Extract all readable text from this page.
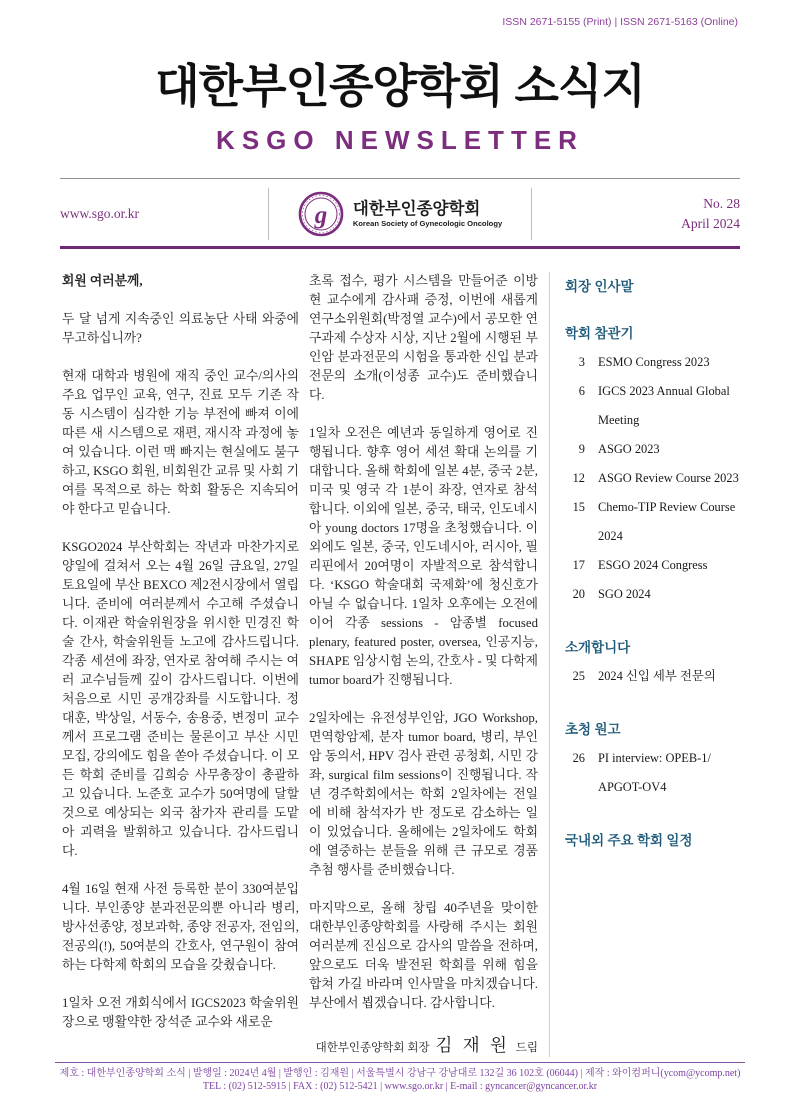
ISSN 2671-5155 (Print) | ISSN 2671-5163 (Online)
대한부인종양학회 소식지
KSGO NEWSLETTER
www.sgo.or.kr	g 대한부인종양학회
Korean Society of Gynecologic Oncology
No. 28
April 2024

회원 여러분께,

두 달 넘게 지속중인 의료농단 사태 와중에 무고하십니까?

현재 대학과 병원에 재직 중인 교수/의사의 주요 업무인 교육, 연구, 진료 모두 기존 작동 시스템이 심각한 기능 부전에 빠져 이에 따른 새 시스템으로 재편, 재시작 과정에 놓여 있습니다. 이런 맥 빠지는 현실에도 불구하고, KSGO 회원, 비회원간 교류 및 사회 기여를 목적으로 하는 학회 활동은 지속되어야 한다고 믿습니다.

KSGO2024 부산학회는 작년과 마찬가지로 양일에 걸쳐서 오는 4월 26일 금요일, 27일 토요일에 부산 BEXCO 제2전시장에서 열립니다. 준비에 여러분께서 수고해 주셨습니다. 이재관 학술위원장을 위시한 민경진 학술 간사, 학술위원들 노고에 감사드립니다. 각종 세션에 좌장, 연자로 참여해 주시는 여러 교수님들께 깊이 감사드립니다. 이번에 처음으로 시민 공개강좌를 시도합니다. 정대훈, 박상일, 서동수, 송용중, 변정미 교수께서 프로그램 준비는 물론이고 부산 시민 모집, 강의에도 힘을 쏟아 주셨습니다. 이 모든 학회 준비를 김희승 사무총장이 총괄하고 있습니다. 노준호 교수가 50여명에 달할 것으로 예상되는 외국 참가자 관리를 도맡아 괴력을 발휘하고 있습니다. 감사드립니다.

4월 16일 현재 사전 등록한 분이 330여분입니다. 부인종양 분과전문의뿐 아니라 병리, 방사선종양, 정보과학, 종양 전공자, 전임의, 전공의(!), 50여분의 간호사, 연구원이 참여하는 다학제 학회의 모습을 갖췄습니다.

1일차 오전 개회식에서 IGCS2023 학술위원장으로 맹활약한 장석준 교수와 새로운

초록 접수, 평가 시스템을 만들어준 이방현 교수에게 감사패 증정, 이번에 새롭게 연구소위원회(박정열 교수)에서 공모한 연구과제 수상자 시상, 지난 2월에 시행된 부인암 분과전문의 시험을 통과한 신입 분과전문의 소개(이성종 교수)도 준비했습니다.

1일차 오전은 예년과 동일하게 영어로 진행됩니다. 향후 영어 세션 확대 논의를 기대합니다. 올해 학회에 일본 4분, 중국 2분, 미국 및 영국 각 1분이 좌장, 연자로 참석합니다. 이외에 일본, 중국, 태국, 인도네시아 young doctors 17명을 초청했습니다. 이외에도 일본, 중국, 인도네시아, 러시아, 필리핀에서 20여명이 자발적으로 참석합니다. ‘KSGO 학술대회 국제화’에 청신호가 아닐 수 없습니다. 1일차 오후에는 오전에 이어 각종 sessions - 암종별 focused plenary, featured poster, oversea, 인공지능, SHAPE 임상시험 논의, 간호사 - 및 다학제 tumor board가 진행됩니다.

2일차에는 유전성부인암, JGO Workshop, 면역항암제, 분자 tumor board, 병리, 부인암 동의서, HPV 검사 관련 공청회, 시민 강좌, surgical film sessions이 진행됩니다. 작년 경주학회에서는 학회 2일차에는 전일에 비해 참석자가 반 정도로 감소하는 일이 있었습니다. 올해에는 2일차에도 학회에 열중하는 분들을 위해 큰 규모로 경품 추첨 행사를 준비했습니다.

마지막으로, 올해 창립 40주년을 맞이한 대한부인종양학회를 사랑해 주시는 회원 여러분께 진심으로 감사의 말씀을 전하며, 앞으로도 더욱 발전된 학회를 위해 힘을 합쳐 가길 바라며 인사말을 마치겠습니다. 부산에서 뵙겠습니다. 감사합니다.

대한부인종양학회 회장 김 재 원 드림
회장 인사말
학회 참관기
3 ESMO Congress 2023
6 IGCS 2023 Annual Global Meeting
9 ASGO 2023
12 ASGO Review Course 2023
15 Chemo-TIP Review Course 2024
17 ESGO 2024 Congress
20 SGO 2024
소개합니다
25 2024 신입 세부 전문의
초청 원고
26 PI interview: OPEB-1/ APGOT-OV4
국내외 주요 학회 일정
제호 : 대한부인종양학회 소식 | 발행일 : 2024년 4월 | 발행인 : 김재원 | 서울특별시 강남구 강남대로 132길 36 102호 (06044) | 제작 : 와이컴퍼니(ycom@ycomp.net)
TEL : (02) 512-5915 | FAX : (02) 512-5421 | www.sgo.or.kr | E-mail : gyncancer@gyncancer.or.kr
